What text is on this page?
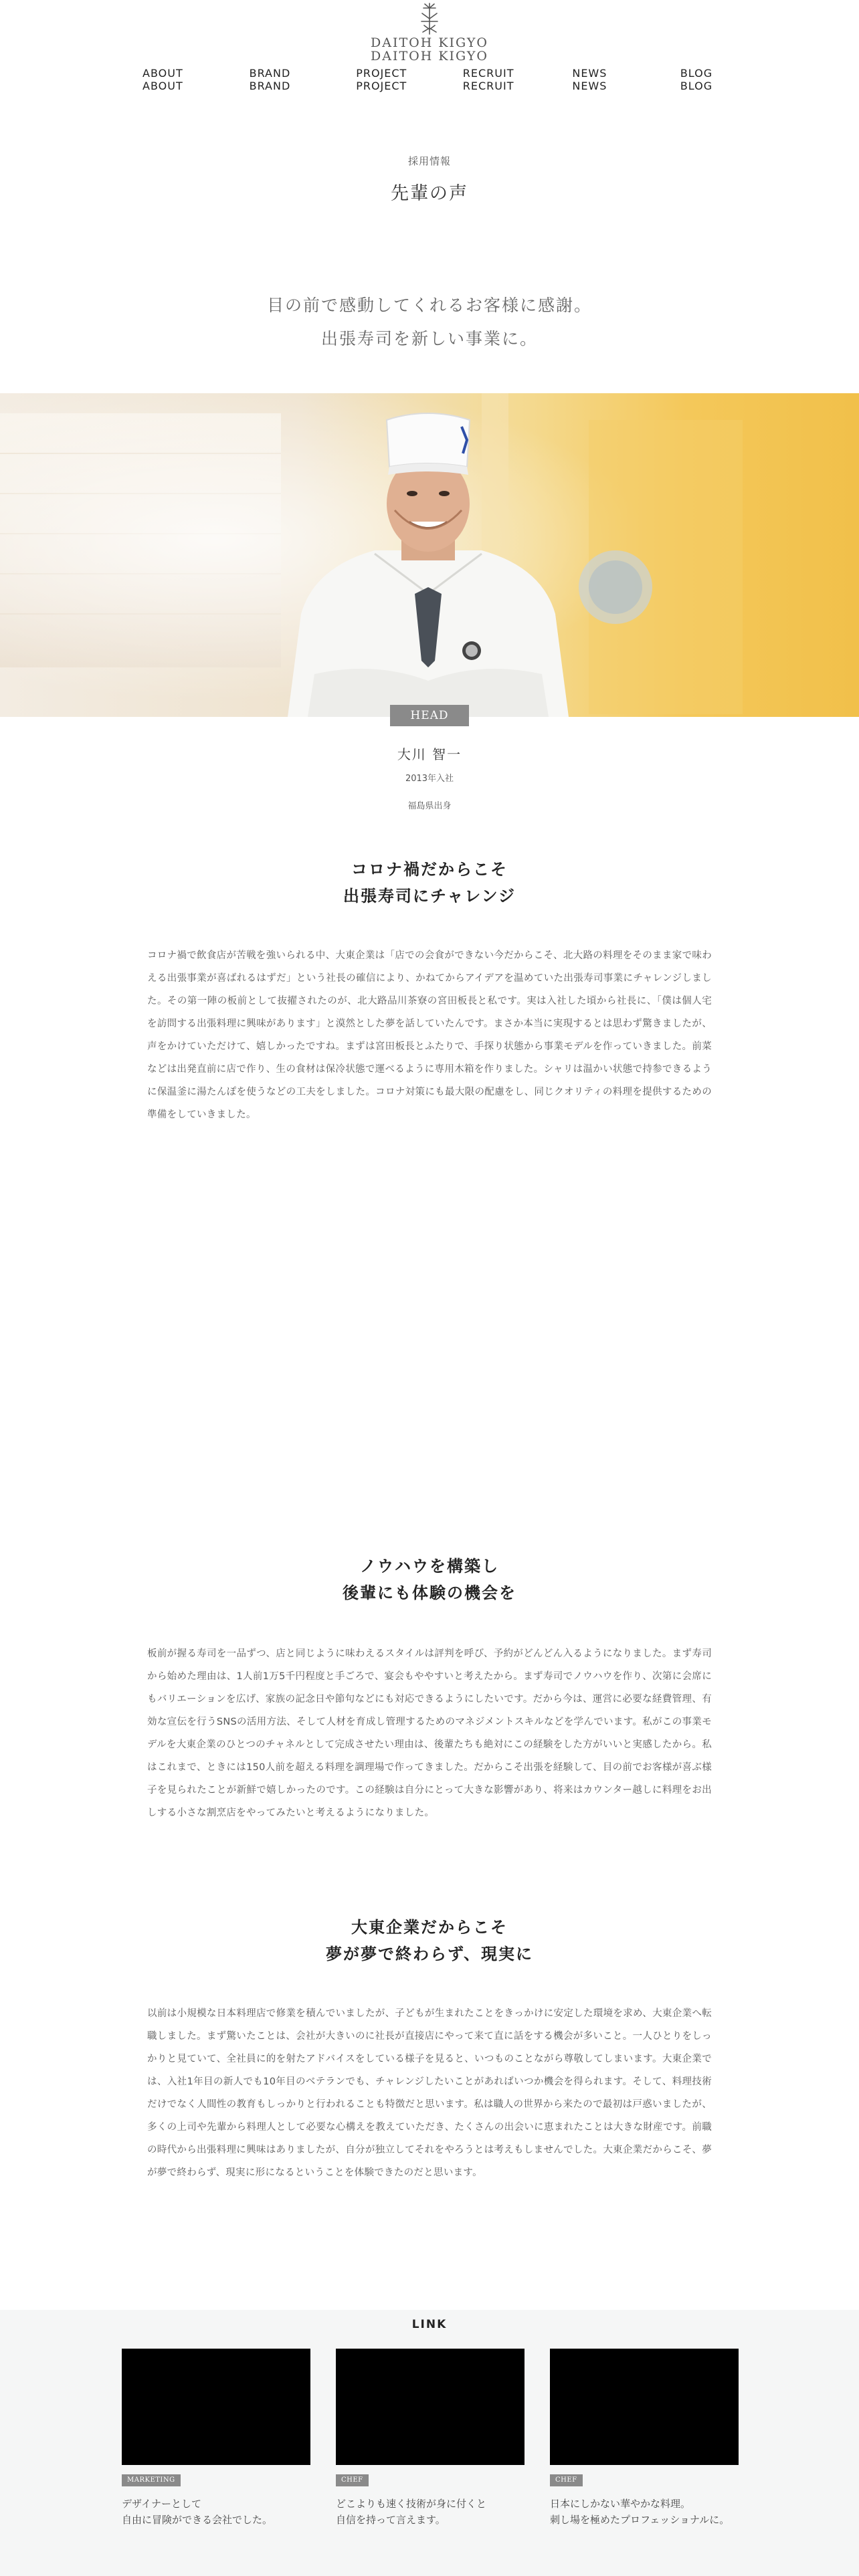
DAITOH KIGYO
DAITOH KIGYO
ABOUT
ABOUT
BRAND
BRAND
PROJECT
PROJECT
RECRUIT
RECRUIT
NEWS
NEWS
BLOG
BLOG
採用情報
先輩の声
目の前で感動してくれるお客様に感謝。
出張寿司を新しい事業に。
HEAD CHEF
大川 智一
2013年入社
福島県出身
コロナ禍だからこそ
出張寿司にチャレンジ

コロナ禍で飲食店が苦戦を強いられる中、大東企業は「店での会食ができない今だからこそ、北大路の料理をそのまま家で味わえる出張事業が喜ばれるはずだ」という社長の確信により、かねてからアイデアを温めていた出張寿司事業にチャレンジしました。その第一陣の板前として抜擢されたのが、北大路品川茶寮の宮田板長と私です。実は入社した頃から社長に、「僕は個人宅を訪問する出張料理に興味があります」と漠然とした夢を話していたんです。まさか本当に実現するとは思わず驚きましたが、声をかけていただけて、嬉しかったですね。まずは宮田板長とふたりで、手探り状態から事業モデルを作っていきました。前菜などは出発直前に店で作り、生の食材は保冷状態で運べるように専用木箱を作りました。シャリは温かい状態で持参できるように保温釜に湯たんぽを使うなどの工夫をしました。コロナ対策にも最大限の配慮をし、同じクオリティの料理を提供するための準備をしていきました。

ノウハウを構築し
後輩にも体験の機会を

板前が握る寿司を一品ずつ、店と同じように味わえるスタイルは評判を呼び、予約がどんどん入るようになりました。まず寿司から始めた理由は、1人前1万5千円程度と手ごろで、宴会もややすいと考えたから。まず寿司でノウハウを作り、次第に会席にもバリエーションを広げ、家族の記念日や節句などにも対応できるようにしたいです。だから今は、運営に必要な経費管理、有効な宣伝を行うSNSの活用方法、そして人材を育成し管理するためのマネジメントスキルなどを学んでいます。私がこの事業モデルを大東企業のひとつのチャネルとして完成させたい理由は、後輩たちも絶対にこの経験をした方がいいと実感したから。私はこれまで、ときには150人前を超える料理を調理場で作ってきました。だからこそ出張を経験して、目の前でお客様が喜ぶ様子を見られたことが新鮮で嬉しかったのです。この経験は自分にとって大きな影響があり、将来はカウンター越しに料理をお出しする小さな割烹店をやってみたいと考えるようになりました。

大東企業だからこそ
夢が夢で終わらず、現実に

以前は小規模な日本料理店で修業を積んでいましたが、子どもが生まれたことをきっかけに安定した環境を求め、大東企業へ転職しました。まず驚いたことは、会社が大きいのに社長が直接店にやって来て直に話をする機会が多いこと。一人ひとりをしっかりと見ていて、全社員に的を射たアドバイスをしている様子を見ると、いつものことながら尊敬してしまいます。大東企業では、入社1年目の新人でも10年目のベテランでも、チャレンジしたいことがあればいつか機会を得られます。そして、料理技術だけでなく人間性の教育もしっかりと行われることも特徴だと思います。私は職人の世界から来たので最初は戸惑いましたが、多くの上司や先輩から料理人として必要な心構えを教えていただき、たくさんの出会いに恵まれたことは大きな財産です。前職の時代から出張料理に興味はありましたが、自分が独立してそれをやろうとは考えもしませんでした。大東企業だからこそ、夢が夢で終わらず、現実に形になるということを体験できたのだと思います。

LINK
MARKETING
デザイナーとして
自由に冒険ができる会社でした。
CHEF
どこよりも速く技術が身に付くと
自信を持って言えます。
CHEF
日本にしかない華やかな料理。
刺し場を極めたプロフェッショナルに。
